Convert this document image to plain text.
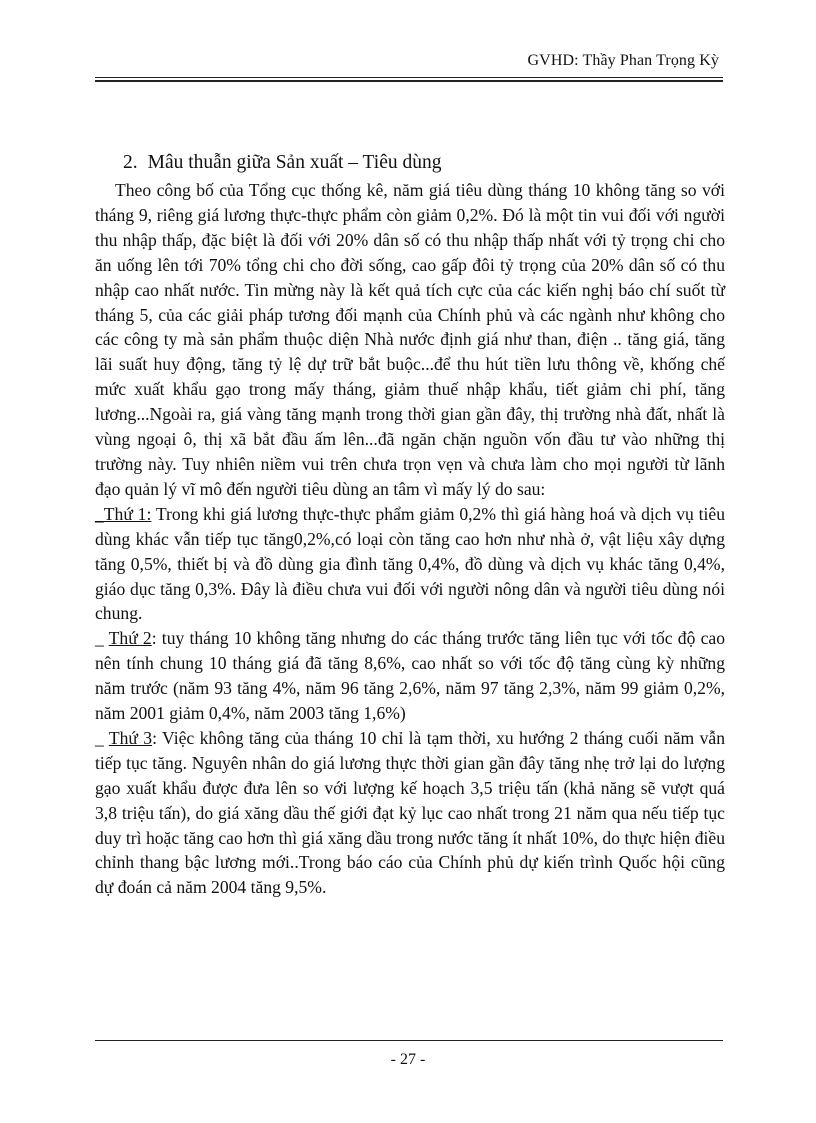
GVHD: Thầy Phan Trọng Kỳ
2. Mâu thuẫn giữa Sản xuất – Tiêu dùng

Theo công bố của Tổng cục thống kê, năm giá tiêu dùng tháng 10 không tăng so với tháng 9, riêng giá lương thực-thực phẩm còn giảm 0,2%. Đó là một tin vui đối với người thu nhập thấp, đặc biệt là đối với 20% dân số có thu nhập thấp nhất với tỷ trọng chi cho ăn uống lên tới 70% tổng chi cho đời sống, cao gấp đôi tỷ trọng của 20% dân số có thu nhập cao nhất nước. Tin mừng này là kết quả tích cực của các kiến nghị báo chí suốt từ tháng 5, của các giải pháp tương đối mạnh của Chính phủ và các ngành như không cho các công ty mà sản phẩm thuộc diện Nhà nước định giá như than, điện .. tăng giá, tăng lãi suất huy động, tăng tỷ lệ dự trữ bắt buộc...để thu hút tiền lưu thông về, khống chế mức xuất khẩu gạo trong mấy tháng, giảm thuế nhập khẩu, tiết giảm chi phí, tăng lương...Ngoài ra, giá vàng tăng mạnh trong thời gian gần đây, thị trường nhà đất, nhất là vùng ngoại ô, thị xã bắt đầu ấm lên...đã ngăn chặn nguồn vốn đầu tư vào những thị trường này. Tuy nhiên niềm vui trên chưa trọn vẹn và chưa làm cho mọi người từ lãnh đạo quản lý vĩ mô đến người tiêu dùng an tâm vì mấy lý do sau:

_Thứ 1: Trong khi giá lương thực-thực phẩm giảm 0,2% thì giá hàng hoá và dịch vụ tiêu dùng khác vẫn tiếp tục tăng0,2%,có loại còn tăng cao hơn như nhà ở, vật liệu xây dựng tăng 0,5%, thiết bị và đồ dùng gia đình tăng 0,4%, đồ dùng và dịch vụ khác tăng 0,4%, giáo dục tăng 0,3%. Đây là điều chưa vui đối với người nông dân và người tiêu dùng nói chung.

_ Thứ 2: tuy tháng 10 không tăng nhưng do các tháng trước tăng liên tục với tốc độ cao nên tính chung 10 tháng giá đã tăng 8,6%, cao nhất so với tốc độ tăng cùng kỳ những năm trước (năm 93 tăng 4%, năm 96 tăng 2,6%, năm 97 tăng 2,3%, năm 99 giảm 0,2%, năm 2001 giảm 0,4%, năm 2003 tăng 1,6%)

_ Thứ 3: Việc không tăng của tháng 10 chỉ là tạm thời, xu hướng 2 tháng cuối năm vẫn tiếp tục tăng. Nguyên nhân do giá lương thực thời gian gần đây tăng nhẹ trở lại do lượng gạo xuất khẩu được đưa lên so với lượng kế hoạch 3,5 triệu tấn (khả năng sẽ vượt quá 3,8 triệu tấn), do giá xăng dầu thế giới đạt kỷ lục cao nhất trong 21 năm qua nếu tiếp tục duy trì hoặc tăng cao hơn thì giá xăng dầu trong nước tăng ít nhất 10%, do thực hiện điều chỉnh thang bậc lương mới..Trong báo cáo của Chính phủ dự kiến trình Quốc hội cũng dự đoán cả năm 2004 tăng 9,5%.

- 27 -
